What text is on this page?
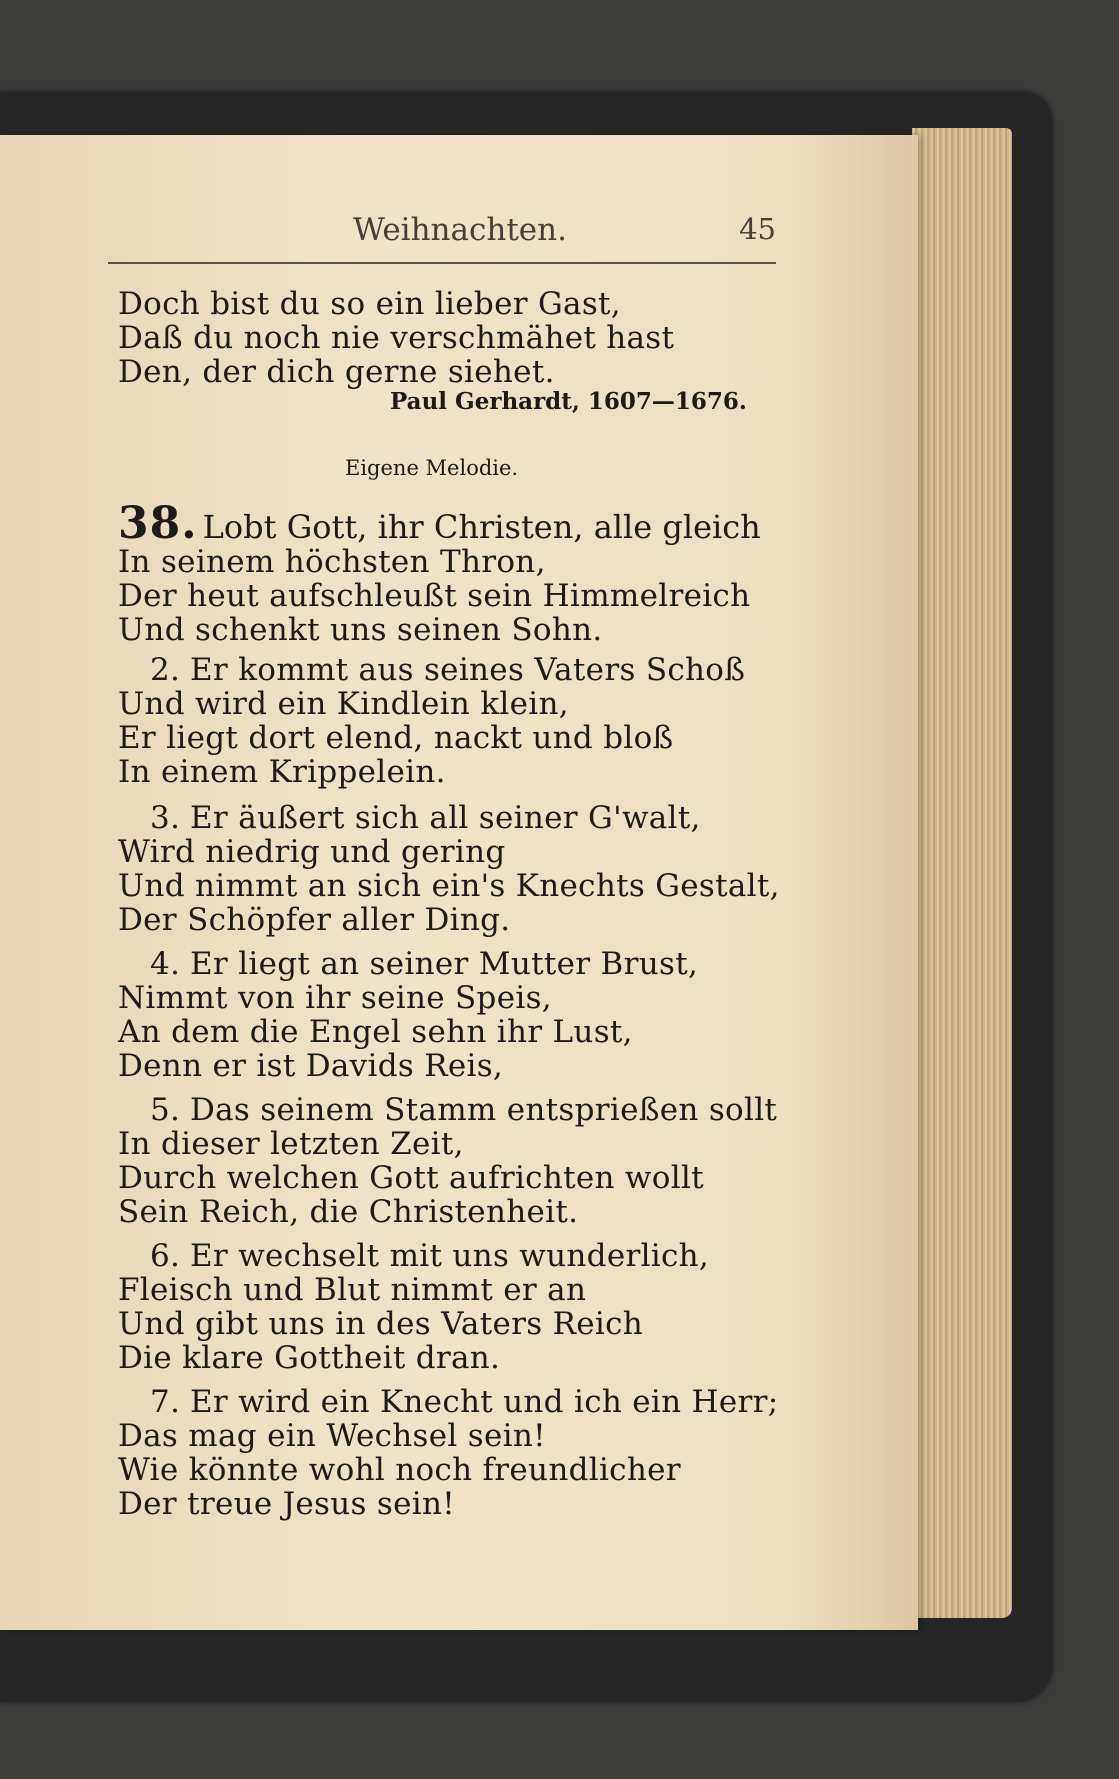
Weihnachten.	45
Doch bist du so ein lieber Gast,
Daß du noch nie verschmähet hast
Den, der dich gerne siehet.
Paul Gerhardt, 1607—1676.
Eigene Melodie.
38. Lobt Gott, ihr Christen, alle gleich
In seinem höchsten Thron,
Der heut aufschleußt sein Himmelreich
Und schenkt uns seinen Sohn.
2. Er kommt aus seines Vaters Schoß
Und wird ein Kindlein klein,
Er liegt dort elend, nackt und bloß
In einem Krippelein.
3. Er äußert sich all seiner G'walt,
Wird niedrig und gering
Und nimmt an sich ein's Knechts Gestalt,
Der Schöpfer aller Ding.
4. Er liegt an seiner Mutter Brust,
Nimmt von ihr seine Speis,
An dem die Engel sehn ihr Lust,
Denn er ist Davids Reis,
5. Das seinem Stamm entsprießen sollt
In dieser letzten Zeit,
Durch welchen Gott aufrichten wollt
Sein Reich, die Christenheit.
6. Er wechselt mit uns wunderlich,
Fleisch und Blut nimmt er an
Und gibt uns in des Vaters Reich
Die klare Gottheit dran.
7. Er wird ein Knecht und ich ein Herr;
Das mag ein Wechsel sein!
Wie könnte wohl noch freundlicher
Der treue Jesus sein!
